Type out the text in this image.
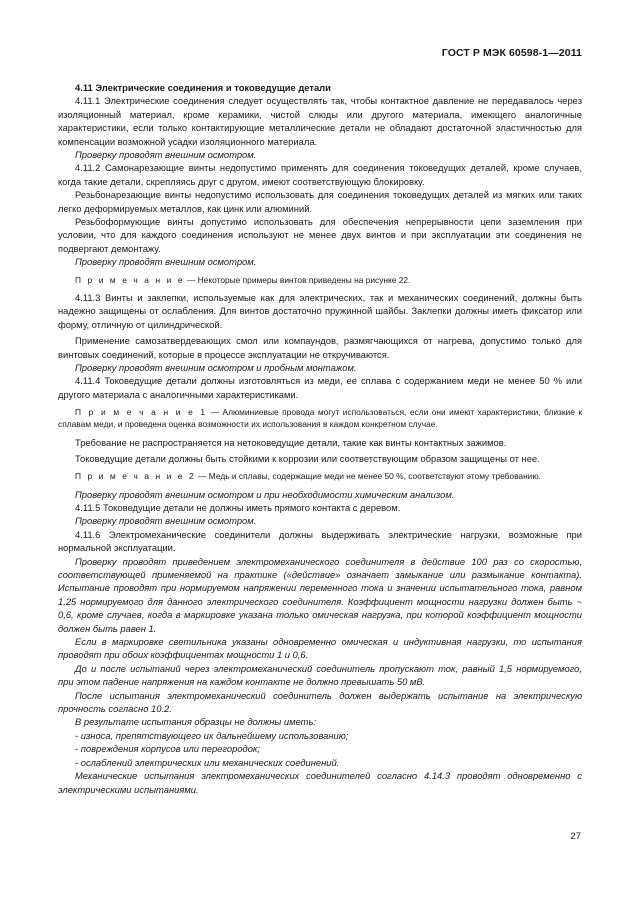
ГОСТ Р МЭК 60598-1—2011

4.11 Электрические соединения и токоведущие детали

4.11.1 Электрические соединения следует осуществлять так, чтобы контактное давление не передавалось через изоляционный материал, кроме керамики, чистой слюды или другого материала, имеющего аналогичные характеристики, если только контактирующие металлические детали не обладают достаточной эластичностью для компенсации возможной усадки изоляционного материала.

Проверку проводят внешним осмотром.

4.11.2 Самонарезающие винты недопустимо применять для соединения токоведущих деталей, кроме случаев, когда такие детали, скрепляясь друг с другом, имеют соответствующую блокировку.

Резьбонарезающие винты недопустимо использовать для соединения токоведущих деталей из мягких или таких легко деформируемых металлов, как цинк или алюминий.

Резьбоформующие винты допустимо использовать для обеспечения непрерывности цепи заземления при условии, что для каждого соединения используют не менее двух винтов и при эксплуатации эти соединения не подвергают демонтажу.

Проверку проводят внешним осмотром.

П р и м е ч а н и е — Некоторые примеры винтов приведены на рисунке 22.

4.11.3 Винты и заклепки, используемые как для электрических, так и механических соединений, должны быть надежно защищены от ослабления. Для винтов достаточно пружинной шайбы. Заклепки должны иметь фиксатор или форму, отличную от цилиндрической.

Применение самозатвердевающих смол или компаундов, размягчающихся от нагрева, допустимо только для винтовых соединений, которые в процессе эксплуатации не откручиваются.

Проверку проводят внешним осмотром и пробным монтажом.

4.11.4 Токоведущие детали должны изготовляться из меди, ее сплава с содержанием меди не менее 50 % или другого материала с аналогичными характеристиками.

П р и м е ч а н и е 1 — Алюминиевые провода могут использоваться, если они имеют характеристики, близкие к сплавам меди, и проведена оценка возможности их использования в каждом конкретном случае.

Требование не распространяется на нетоковедущие детали, такие как винты контактных зажимов.

Токоведущие детали должны быть стойкими к коррозии или соответствующим образом защищены от нее.

П р и м е ч а н и е 2 — Медь и сплавы, содержащие меди не менее 50 %, соответствуют этому требованию.

Проверку проводят внешним осмотром и при необходимости химическим анализом.

4.11.5 Токоведущие детали не должны иметь прямого контакта с деревом.

Проверку проводят внешним осмотром.

4.11.6 Электромеханические соединители должны выдерживать электрические нагрузки, возможные при нормальной эксплуатации.

Проверку проводят приведением электромеханического соединителя в действие 100 раз со скоростью, соответствующей применяемой на практике («действие» означает замыкание или размыкание контакта). Испытание проводят при нормируемом напряжении переменного тока и значении испытательного тока, равном 1,25 нормируемого для данного электрического соединителя. Коэффициент мощности нагрузки должен быть ~ 0,6, кроме случаев, когда в маркировке указана только омическая нагрузка, при которой коэффициент мощности должен быть равен 1.

Если в маркировке светильника указаны одновременно омическая и индуктивная нагрузки, то испытания проводят при обоих коэффициентах мощности 1 и 0,6.

До и после испытаний через электромеханический соединитель пропускают ток, равный 1,5 нормируемого, при этом падение напряжения на каждом контакте не должно превышать 50 мВ.

После испытания электромеханический соединитель должен выдержать испытание на электрическую прочность согласно 10.2.

В результате испытания образцы не должны иметь:

- износа, препятствующего их дальнейшему использованию;

- повреждения корпусов или перегородок;

- ослаблений электрических или механических соединений.

Механические испытания электромеханических соединителей согласно 4.14.3 проводят одновременно с электрическими испытаниями.

27
